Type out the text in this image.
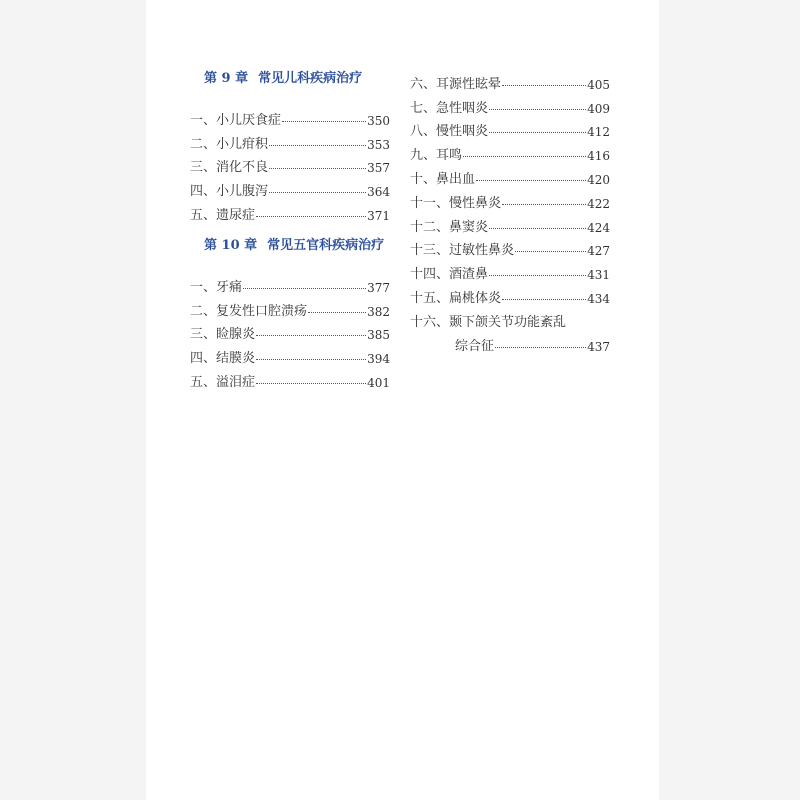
第 9 章 常见儿科疾病治疗
一、小儿厌食症	350
二、小儿疳积	353
三、消化不良	357
四、小儿腹泻	364
五、遗尿症	371
第 10 章 常见五官科疾病治疗
一、牙痛	377
二、复发性口腔溃疡	382
三、睑腺炎	385
四、结膜炎	394
五、溢泪症	401
六、耳源性眩晕	405
七、急性咽炎	409
八、慢性咽炎	412
九、耳鸣	416
十、鼻出血	420
十一、慢性鼻炎	422
十二、鼻窦炎	424
十三、过敏性鼻炎	427
十四、酒渣鼻	431
十五、扁桃体炎	434
十六、颞下颌关节功能紊乱
综合征	437
